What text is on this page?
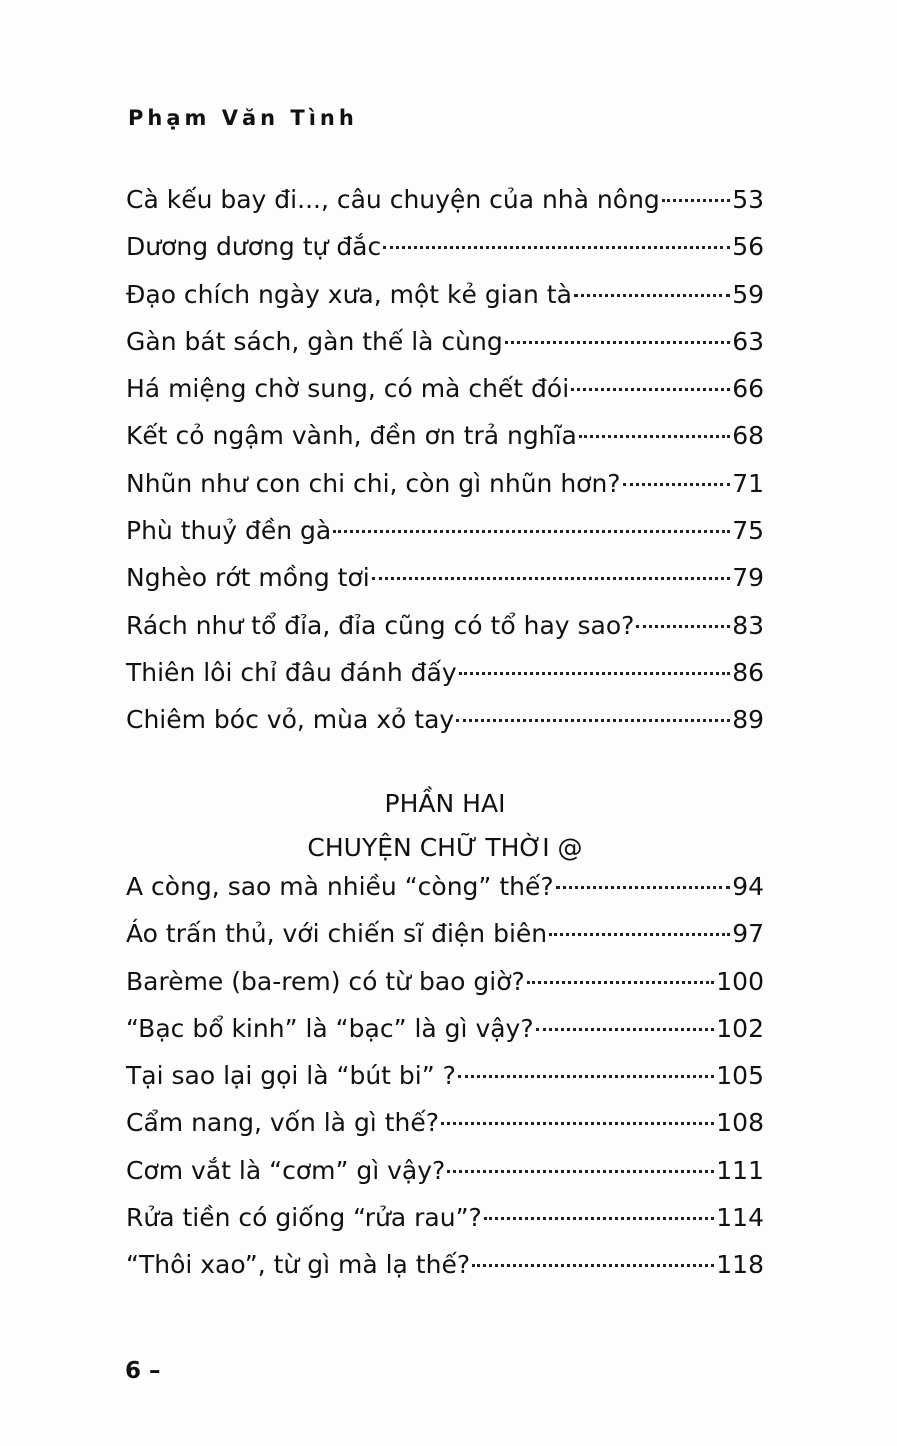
Phạm Văn Tình
Cà kếu bay đi..., câu chuyện của nhà nông	53
Dương dương tự đắc	56
Đạo chích ngày xưa, một kẻ gian tà	59
Gàn bát sách, gàn thế là cùng	63
Há miệng chờ sung, có mà chết đói	66
Kết cỏ ngậm vành, đền ơn trả nghĩa	68
Nhũn như con chi chi, còn gì nhũn hơn?	71
Phù thuỷ đền gà	75
Nghèo rớt mồng tơi	79
Rách như tổ đỉa, đỉa cũng có tổ hay sao?	83
Thiên lôi chỉ đâu đánh đấy	86
Chiêm bóc vỏ, mùa xỏ tay	89
PHẦN HAI
CHUYỆN CHỮ THỜI @
A còng, sao mà nhiều “còng” thế?	94
Áo trấn thủ, với chiến sĩ điện biên	97
Barème (ba-rem) có từ bao giờ?	100
“Bạc bổ kinh” là “bạc” là gì vậy?	102
Tại sao lại gọi là “bút bi” ?	105
Cẩm nang, vốn là gì thế?	108
Cơm vắt là “cơm” gì vậy?	111
Rửa tiền có giống “rửa rau”?	114
“Thôi xao”, từ gì mà lạ thế?	118
6 –
